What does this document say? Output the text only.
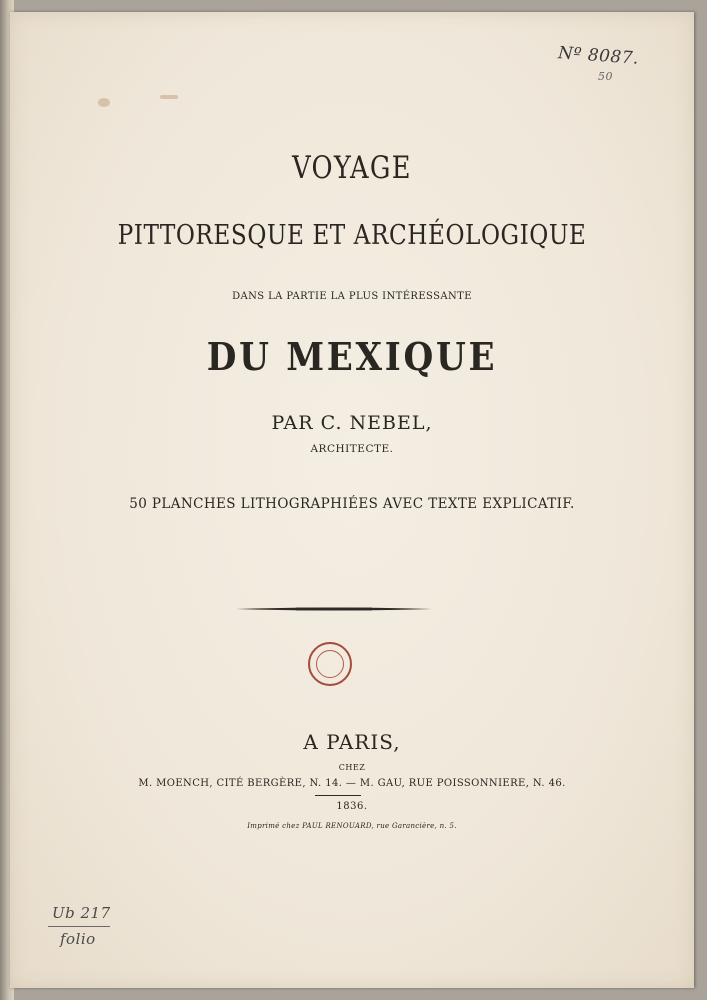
Nº 8087.
50
VOYAGE
PITTORESQUE ET ARCHÉOLOGIQUE
DANS LA PARTIE LA PLUS INTÉRESSANTE
DU MEXIQUE
PAR C. NEBEL,
ARCHITECTE.
50 PLANCHES LITHOGRAPHIÉES AVEC TEXTE EXPLICATIF.
A PARIS,
CHEZ
M. MOENCH, CITÉ BERGÈRE, N. 14. — M. GAU, RUE POISSONNIERE, N. 46.
1836.
Imprimé chez PAUL RENOUARD, rue Garancière, n. 5.
Ub 217
folio
